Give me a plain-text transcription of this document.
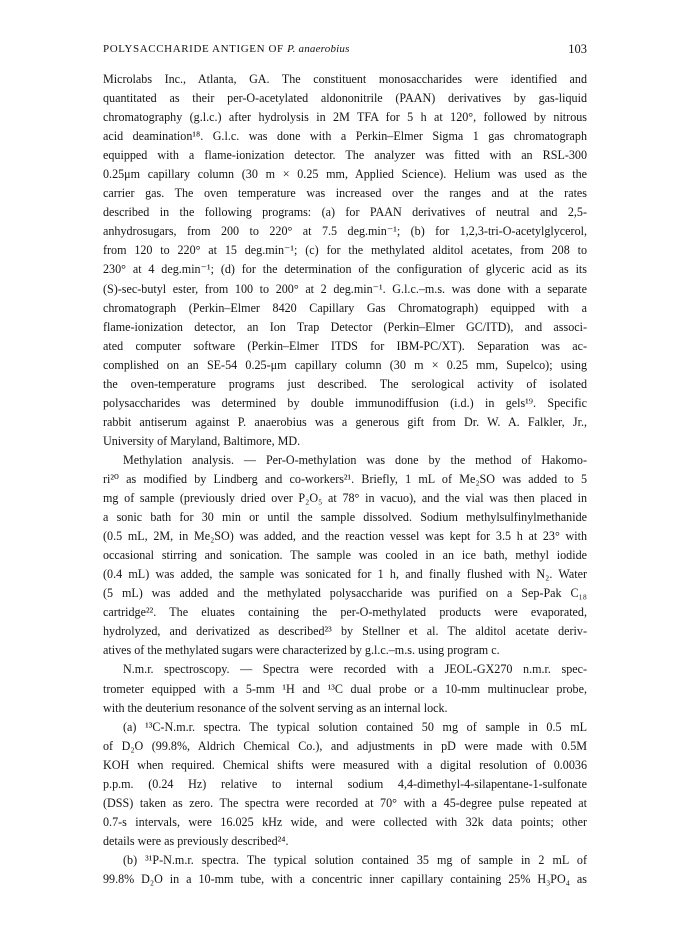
POLYSACCHARIDE ANTIGEN OF P. anaerobius	103
Microlabs Inc., Atlanta, GA. The constituent monosaccharides were identified and
quantitated as their per-O-acetylated aldononitrile (PAAN) derivatives by gas-liquid
chromatography (g.l.c.) after hydrolysis in 2M TFA for 5 h at 120°, followed by nitrous
acid deamination¹⁸. G.l.c. was done with a Perkin–Elmer Sigma 1 gas chromatograph
equipped with a flame-ionization detector. The analyzer was fitted with an RSL-300
0.25μm capillary column (30 m × 0.25 mm, Applied Science). Helium was used as the
carrier gas. The oven temperature was increased over the ranges and at the rates
described in the following programs: (a) for PAAN derivatives of neutral and 2,5-
anhydrosugars, from 200 to 220° at 7.5 deg.min⁻¹; (b) for 1,2,3-tri-O-acetylglycerol,
from 120 to 220° at 15 deg.min⁻¹; (c) for the methylated alditol acetates, from 208 to
230° at 4 deg.min⁻¹; (d) for the determination of the configuration of glyceric acid as its
(S)-sec-butyl ester, from 100 to 200° at 2 deg.min⁻¹. G.l.c.–m.s. was done with a separate
chromatograph (Perkin–Elmer 8420 Capillary Gas Chromatograph) equipped with a
flame-ionization detector, an Ion Trap Detector (Perkin–Elmer GC/ITD), and associ-
ated computer software (Perkin–Elmer ITDS for IBM-PC/XT). Separation was ac-
complished on an SE-54 0.25-μm capillary column (30 m × 0.25 mm, Supelco); using
the oven-temperature programs just described. The serological activity of isolated
polysaccharides was determined by double immunodiffusion (i.d.) in gels¹⁹. Specific
rabbit antiserum against P. anaerobius was a generous gift from Dr. W. A. Falkler, Jr.,
University of Maryland, Baltimore, MD.
Methylation analysis. — Per-O-methylation was done by the method of Hakomo-
ri²⁰ as modified by Lindberg and co-workers²¹. Briefly, 1 mL of Me₂SO was added to 5
mg of sample (previously dried over P₂O₅ at 78° in vacuo), and the vial was then placed in
a sonic bath for 30 min or until the sample dissolved. Sodium methylsulfinylmethanide
(0.5 mL, 2M, in Me₂SO) was added, and the reaction vessel was kept for 3.5 h at 23° with
occasional stirring and sonication. The sample was cooled in an ice bath, methyl iodide
(0.4 mL) was added, the sample was sonicated for 1 h, and finally flushed with N₂. Water
(5 mL) was added and the methylated polysaccharide was purified on a Sep-Pak C₁₈
cartridge²². The eluates containing the per-O-methylated products were evaporated,
hydrolyzed, and derivatized as described²³ by Stellner et al. The alditol acetate deriv-
atives of the methylated sugars were characterized by g.l.c.–m.s. using program c.
N.m.r. spectroscopy. — Spectra were recorded with a JEOL-GX270 n.m.r. spec-
trometer equipped with a 5-mm ¹H and ¹³C dual probe or a 10-mm multinuclear probe,
with the deuterium resonance of the solvent serving as an internal lock.
(a) ¹³C-N.m.r. spectra. The typical solution contained 50 mg of sample in 0.5 mL
of D₂O (99.8%, Aldrich Chemical Co.), and adjustments in pD were made with 0.5M
KOH when required. Chemical shifts were measured with a digital resolution of 0.0036
p.p.m. (0.24 Hz) relative to internal sodium 4,4-dimethyl-4-silapentane-1-sulfonate
(DSS) taken as zero. The spectra were recorded at 70° with a 45-degree pulse repeated at
0.7-s intervals, were 16.025 kHz wide, and were collected with 32k data points; other
details were as previously described²⁴.
(b) ³¹P-N.m.r. spectra. The typical solution contained 35 mg of sample in 2 mL of
99.8% D₂O in a 10-mm tube, with a concentric inner capillary containing 25% H₃PO₄ as
